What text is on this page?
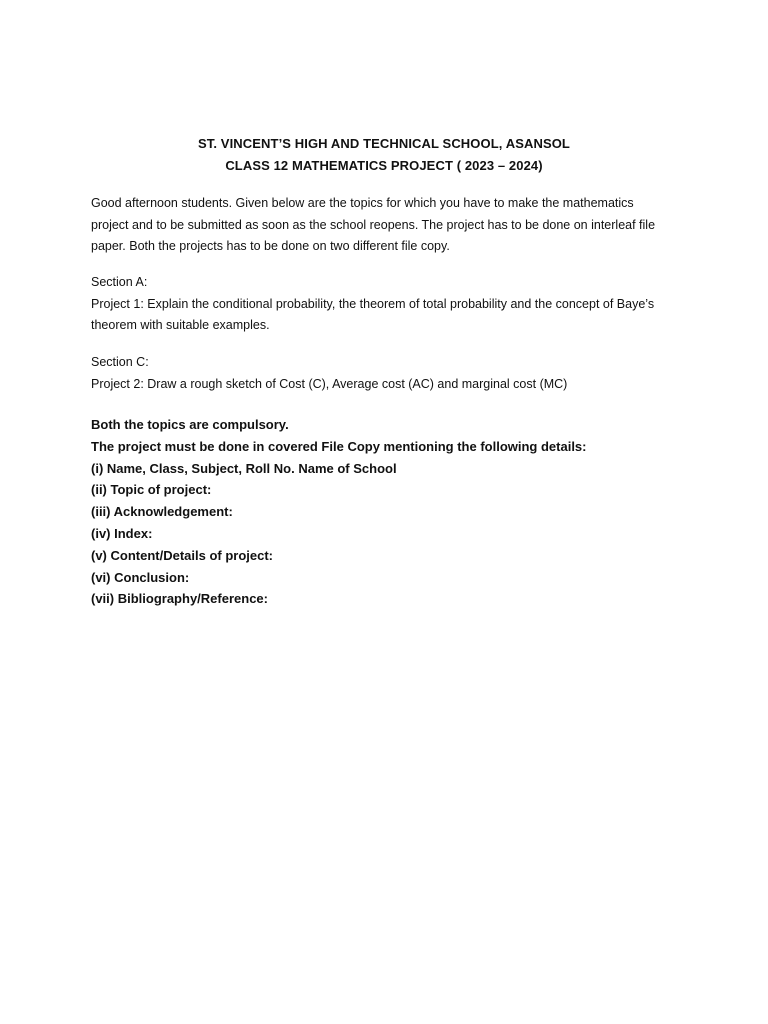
ST. VINCENT’S HIGH AND TECHNICAL SCHOOL, ASANSOL
CLASS 12 MATHEMATICS PROJECT ( 2023 – 2024)
Good afternoon students. Given below are the topics for which you have to make the mathematics
project and to be submitted as soon as the school reopens. The project has to be done on interleaf file
paper. Both the projects has to be done on two different file copy.
Section A:
Project 1: Explain the conditional probability, the theorem of total probability and the concept of Baye’s
theorem with suitable examples.
Section C:
Project 2: Draw a rough sketch of Cost (C), Average cost (AC) and marginal cost (MC)
Both the topics are compulsory.
The project must be done in covered File Copy mentioning the following details:
(i) Name, Class, Subject, Roll No. Name of School
(ii) Topic of project:
(iii) Acknowledgement:
(iv) Index:
(v) Content/Details of project:
(vi) Conclusion:
(vii) Bibliography/Reference:
